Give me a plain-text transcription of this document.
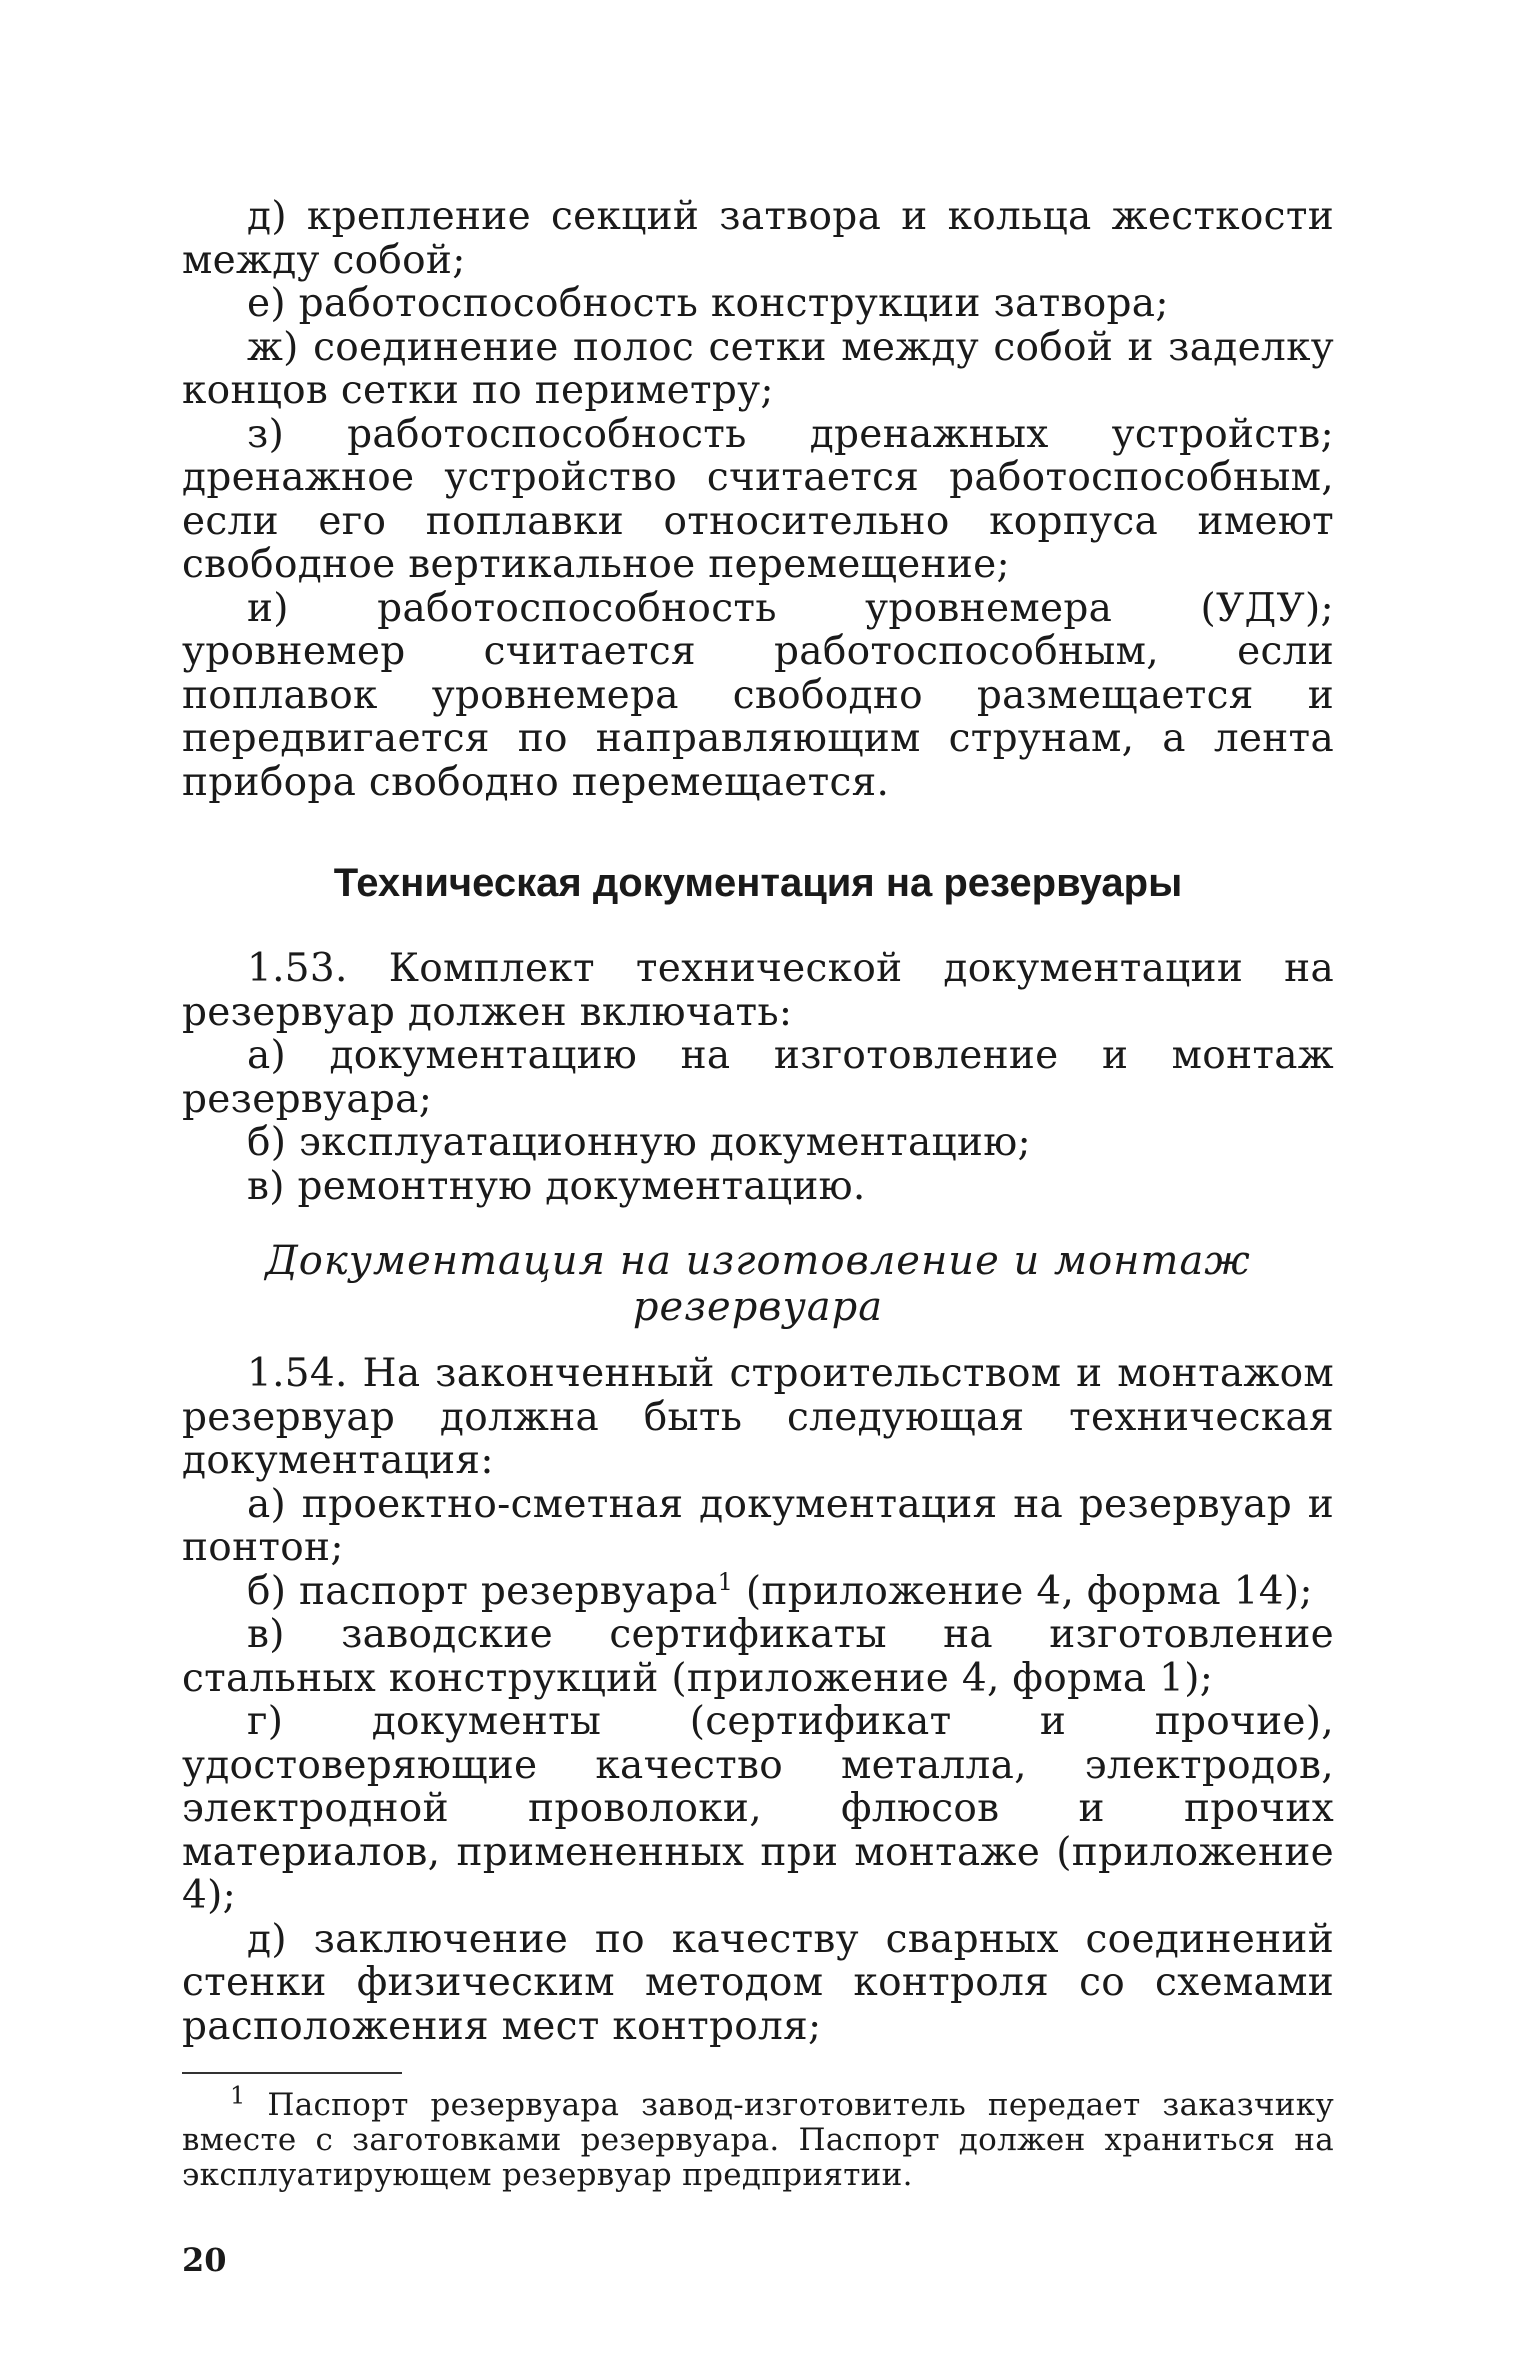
д) крепление секций затвора и кольца жесткости между собой;

е) работоспособность конструкции затвора;

ж) соединение полос сетки между собой и заделку концов сетки по периметру;

з) работоспособность дренажных устройств; дренажное устройство считается работоспособным, если его поплавки относительно корпуса имеют свободное вертикальное перемещение;

и) работоспособность уровнемера (УДУ); уровнемер считается работоспособным, если поплавок уровнемера свободно размещается и передвигается по направляющим струнам, а лента прибора свободно перемещается.

Техническая документация на резервуары

1.53. Комплект технической документации на резервуар должен включать:

а) документацию на изготовление и монтаж резервуара;

б) эксплуатационную документацию;

в) ремонтную документацию.

Документация на изготовление и монтаж резервуара

1.54. На законченный строительством и монтажом резервуар должна быть следующая техническая документация:

а) проектно-сметная документация на резервуар и понтон;

б) паспорт резервуара$^1$ (приложение 4, форма 14);

в) заводские сертификаты на изготовление стальных конструкций (приложение 4, форма 1);

г) документы (сертификат и прочие), удостоверяющие качество металла, электродов, электродной проволоки, флюсов и прочих материалов, примененных при монтаже (приложение 4);

д) заключение по качеству сварных соединений стенки физическим методом контроля со схемами расположения мест контроля;

$^1$ Паспорт резервуара завод-изготовитель передает заказчику вместе с заготовками резервуара. Паспорт должен храниться на эксплуатирующем резервуар предприятии.

20
